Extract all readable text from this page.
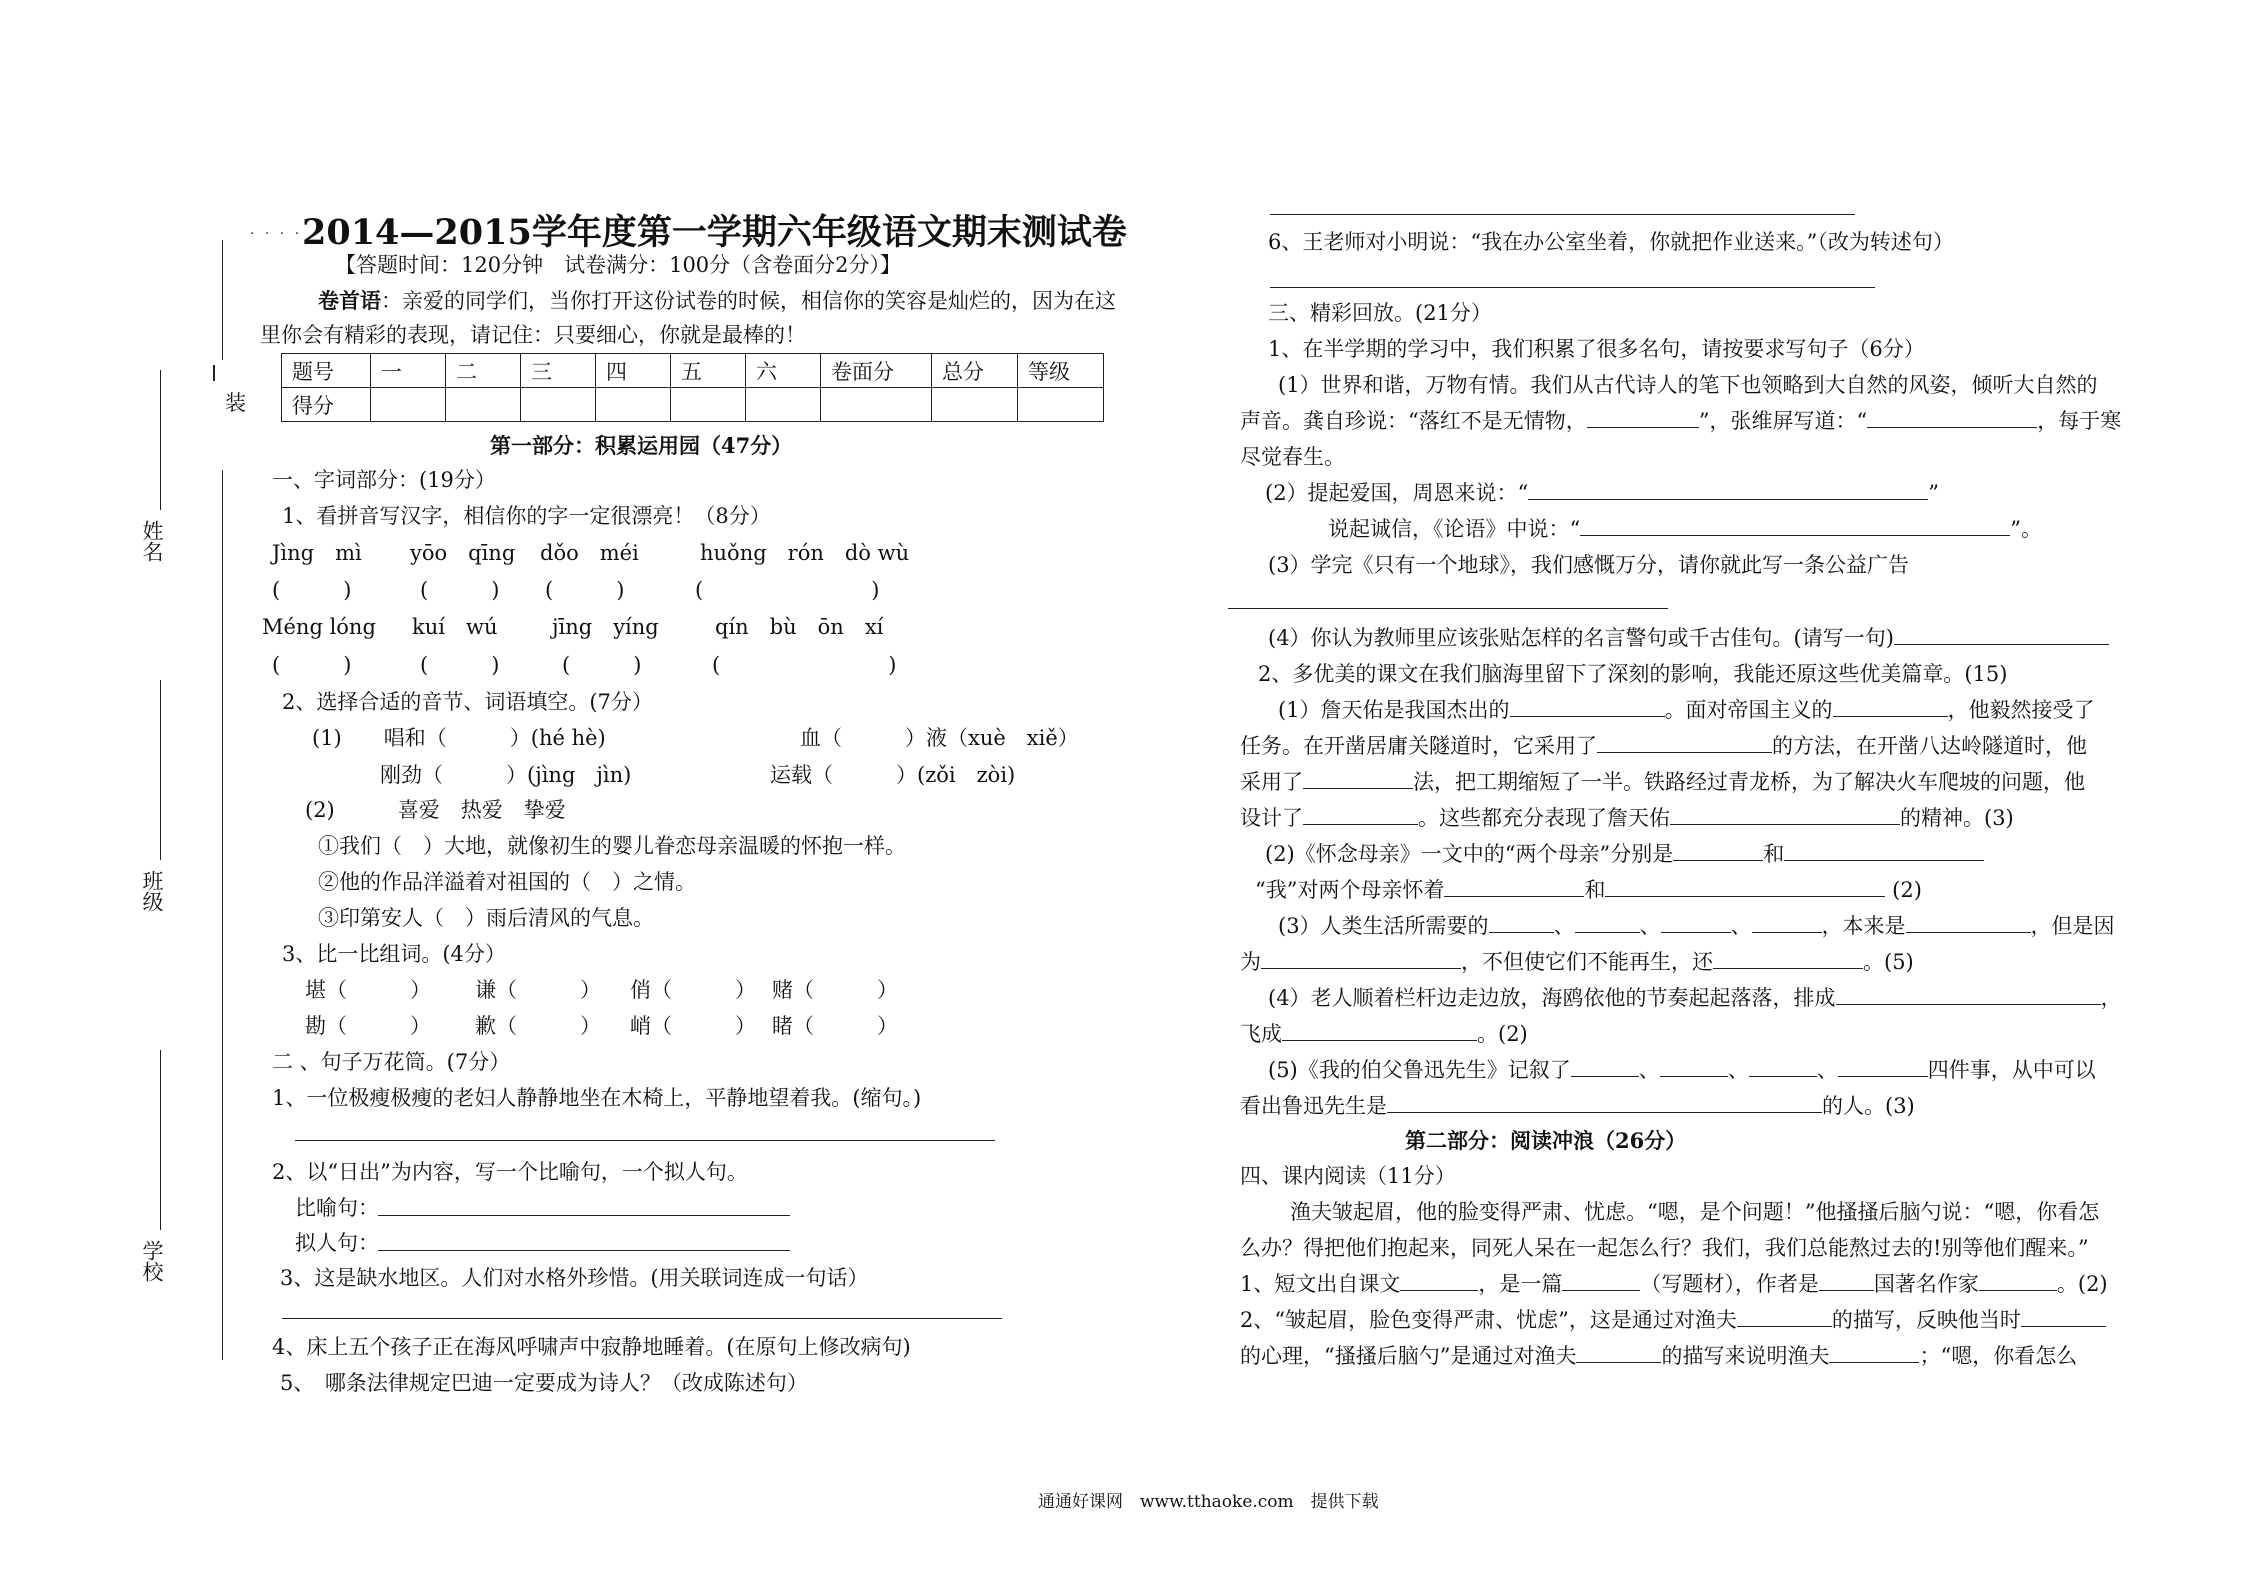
. . . .
装
姓名
班级
学校
2014—2015学年度第一学期六年级语文期末测试卷
【答题时间：120分钟　试卷满分：100分（含卷面分2分）】
卷首语：亲爱的同学们，当你打开这份试卷的时候，相信你的笑容是灿烂的，因为在这
里你会有精彩的表现，请记住：只要细心，你就是最棒的！
题号	一	二	三	四	五	六	卷面分	总分	等级
得分									
第一部分：积累运用园（47分）
一、字词部分：(19分）
1、看拼音写汉字，相信你的字一定很漂亮！（8分）
Jìng　mì yōo　qīng dǒo　méi	huǒng　rón　dò wù
(　　　)	(　　　) (　　　)	(　　　　　　　　)
Méng lóng kuí　wú	jīng　yíng	qín　bù　ōn　xí
(　　　)	(　　　)	(　　　)	(　　　　　　　　)
2、选择合适的音节、词语填空。(7分）
(1)　　唱和（　　　）(hé hè)	血（　　　）液（xuè　xiě）
刚劲（　　　）(jìng　jìn)	运载（　　　）(zǒi　zòi)
(2)　　　喜爱　热爱　挚爱
①我们（　）大地，就像初生的婴儿眷恋母亲温暖的怀抱一样。
②他的作品洋溢着对祖国的（　）之情。
③印第安人（　）雨后清风的气息。
3、比一比组词。(4分）
堪（　　　） 谦（　　　） 俏（　　　） 赌（　　　）
勘（　　　） 歉（　　　） 峭（　　　） 睹（　　　）
二 、句子万花筒。(7分）
1、一位极瘦极瘦的老妇人静静地坐在木椅上，平静地望着我。(缩句。)
2、以“日出”为内容，写一个比喻句，一个拟人句。
比喻句：
拟人句：
3、这是缺水地区。人们对水格外珍惜。(用关联词连成一句话）
4、床上五个孩子正在海风呼啸声中寂静地睡着。(在原句上修改病句)
5、　哪条法律规定巴迪一定要成为诗人？（改成陈述句）
6、王老师对小明说：“我在办公室坐着，你就把作业送来。”（改为转述句）
三、精彩回放。(21分）
1、在半学期的学习中，我们积累了很多名句，请按要求写句子（6分）
(1）世界和谐，万物有情。我们从古代诗人的笔下也领略到大自然的风姿，倾听大自然的
声音。龚自珍说：“落红不是无情物，	”，张维屏写道：“	，每于寒
尽觉春生。
(2）提起爱国，周恩来说：“	”
说起诚信，《论语》中说：“	”。
(3）学完《只有一个地球》，我们感慨万分，请你就此写一条公益广告
(4）你认为教师里应该张贴怎样的名言警句或千古佳句。(请写一句)
2、多优美的课文在我们脑海里留下了深刻的影响，我能还原这些优美篇章。(15)
(1）詹天佑是我国杰出的	。面对帝国主义的	，他毅然接受了
任务。在开凿居庸关隧道时，它采用了	的方法，在开凿八达岭隧道时，他
采用了	法，把工期缩短了一半。铁路经过青龙桥，为了解决火车爬坡的问题，他
设计了	。这些都充分表现了詹天佑	的精神。(3)
(2)《怀念母亲》一文中的“两个母亲”分别是	和
“我”对两个母亲怀着	和	(2)
(3）人类生活所需要的	、	、	、	，本来是	，但是因
为	，不但使它们不能再生，还	。(5)
(4）老人顺着栏杆边走边放，海鸥依他的节奏起起落落，排成	，
飞成	。(2)
(5)《我的伯父鲁迅先生》记叙了	、	、	、	四件事，从中可以
看出鲁迅先生是	的人。(3)
第二部分：阅读冲浪（26分）
四、课内阅读（11分）
渔夫皱起眉，他的脸变得严肃、忧虑。“嗯，是个问题！”他搔搔后脑勺说：“嗯，你看怎
么办？得把他们抱起来，同死人呆在一起怎么行？我们，我们总能熬过去的!别等他们醒来。”
1、短文出自课文	，是一篇	（写题材），作者是	国著名作家	。(2)
2、“皱起眉，脸色变得严肃、忧虑”，这是通过对渔夫	的描写，反映他当时
的心理，“搔搔后脑勺”是通过对渔夫	的描写来说明渔夫	；“嗯，你看怎么
通通好课网　www.tthaoke.com　提供下载
